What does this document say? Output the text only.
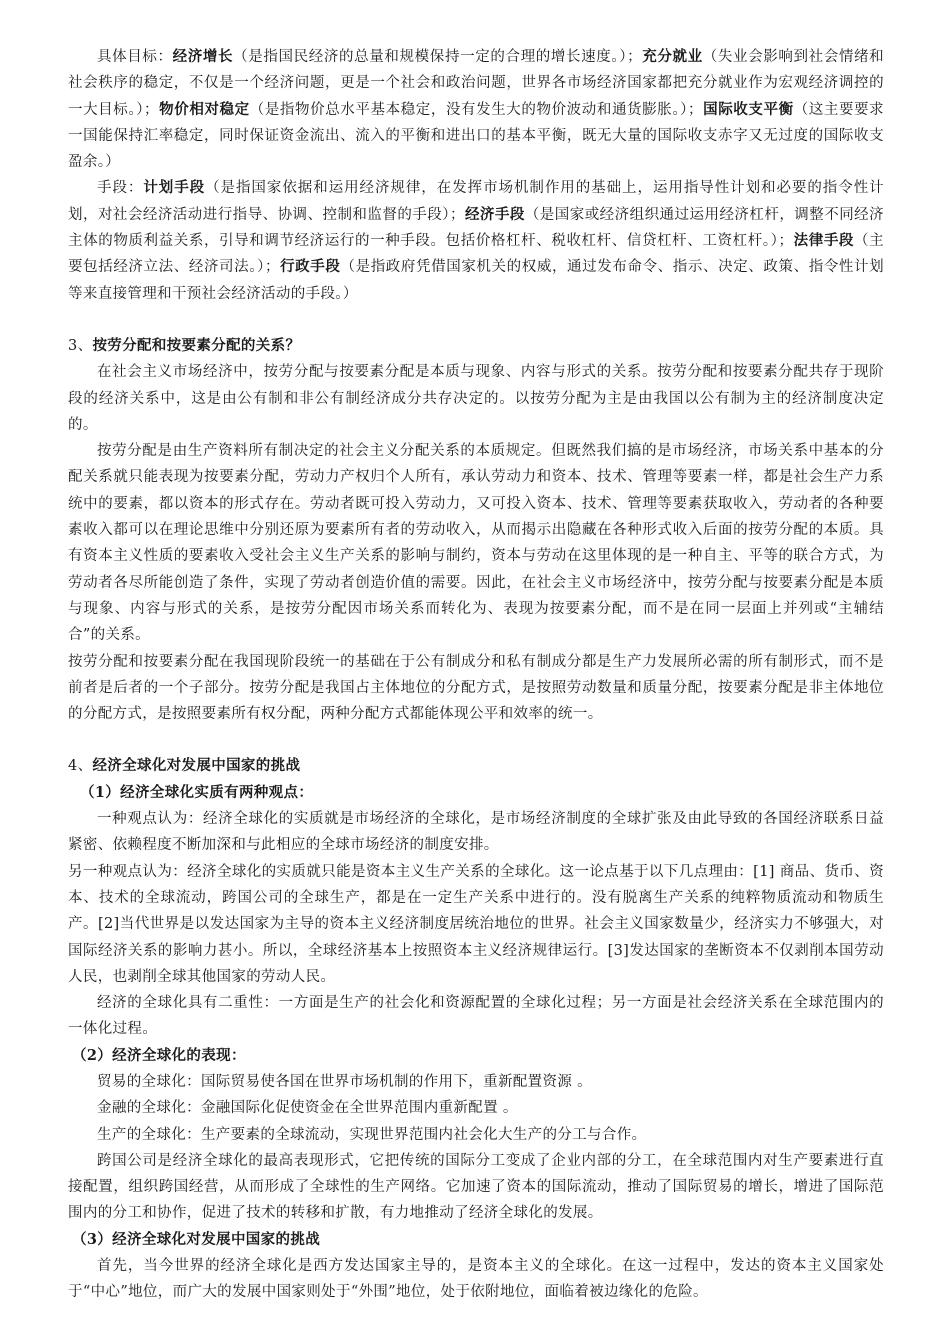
具体目标：经济增长（是指国民经济的总量和规模保持一定的合理的增长速度。）；充分就业（失业会影响到社会情绪和社会秩序的稳定，不仅是一个经济问题，更是一个社会和政治问题，世界各市场经济国家都把充分就业作为宏观经济调控的一大目标。）；物价相对稳定（是指物价总水平基本稳定，没有发生大的物价波动和通货膨胀。）；国际收支平衡（这主要要求一国能保持汇率稳定，同时保证资金流出、流入的平衡和进出口的基本平衡，既无大量的国际收支赤字又无过度的国际收支盈余。）

手段：计划手段（是指国家依据和运用经济规律，在发挥市场机制作用的基础上，运用指导性计划和必要的指令性计划，对社会经济活动进行指导、协调、控制和监督的手段）；经济手段（是国家或经济组织通过运用经济杠杆，调整不同经济主体的物质利益关系，引导和调节经济运行的一种手段。包括价格杠杆、税收杠杆、信贷杠杆、工资杠杆。）；法律手段（主要包括经济立法、经济司法。）；行政手段（是指政府凭借国家机关的权威，通过发布命令、指示、决定、政策、指令性计划等来直接管理和干预社会经济活动的手段。）

3、按劳分配和按要素分配的关系？

在社会主义市场经济中，按劳分配与按要素分配是本质与现象、内容与形式的关系。按劳分配和按要素分配共存于现阶段的经济关系中，这是由公有制和非公有制经济成分共存决定的。以按劳分配为主是由我国以公有制为主的经济制度决定的。

按劳分配是由生产资料所有制决定的社会主义分配关系的本质规定。但既然我们搞的是市场经济，市场关系中基本的分配关系就只能表现为按要素分配，劳动力产权归个人所有，承认劳动力和资本、技术、管理等要素一样，都是社会生产力系统中的要素，都以资本的形式存在。劳动者既可投入劳动力，又可投入资本、技术、管理等要素获取收入，劳动者的各种要素收入都可以在理论思维中分别还原为要素所有者的劳动收入，从而揭示出隐藏在各种形式收入后面的按劳分配的本质。具有资本主义性质的要素收入受社会主义生产关系的影响与制约，资本与劳动在这里体现的是一种自主、平等的联合方式，为劳动者各尽所能创造了条件，实现了劳动者创造价值的需要。因此，在社会主义市场经济中，按劳分配与按要素分配是本质与现象、内容与形式的关系，是按劳分配因市场关系而转化为、表现为按要素分配，而不是在同一层面上并列或“主辅结合”的关系。

按劳分配和按要素分配在我国现阶段统一的基础在于公有制成分和私有制成分都是生产力发展所必需的所有制形式，而不是前者是后者的一个子部分。按劳分配是我国占主体地位的分配方式，是按照劳动数量和质量分配，按要素分配是非主体地位的分配方式，是按照要素所有权分配，两种分配方式都能体现公平和效率的统一。

4、经济全球化对发展中国家的挑战

（1）经济全球化实质有两种观点：

一种观点认为：经济全球化的实质就是市场经济的全球化，是市场经济制度的全球扩张及由此导致的各国经济联系日益紧密、依赖程度不断加深和与此相应的全球市场经济的制度安排。

另一种观点认为：经济全球化的实质就只能是资本主义生产关系的全球化。这一论点基于以下几点理由：[1] 商品、货币、资本、技术的全球流动，跨国公司的全球生产，都是在一定生产关系中进行的。没有脱离生产关系的纯粹物质流动和物质生产。[2]当代世界是以发达国家为主导的资本主义经济制度居统治地位的世界。社会主义国家数量少，经济实力不够强大，对国际经济关系的影响力甚小。所以，全球经济基本上按照资本主义经济规律运行。[3]发达国家的垄断资本不仅剥削本国劳动人民，也剥削全球其他国家的劳动人民。

经济的全球化具有二重性：一方面是生产的社会化和资源配置的全球化过程；另一方面是社会经济关系在全球范围内的一体化过程。

（2）经济全球化的表现：

贸易的全球化：国际贸易使各国在世界市场机制的作用下，重新配置资源 。

金融的全球化：金融国际化促使资金在全世界范围内重新配置 。

生产的全球化：生产要素的全球流动，实现世界范围内社会化大生产的分工与合作。

跨国公司是经济全球化的最高表现形式，它把传统的国际分工变成了企业内部的分工，在全球范围内对生产要素进行直接配置，组织跨国经营，从而形成了全球性的生产网络。它加速了资本的国际流动，推动了国际贸易的增长，增进了国际范围内的分工和协作，促进了技术的转移和扩散，有力地推动了经济全球化的发展。

（3）经济全球化对发展中国家的挑战

首先，当今世界的经济全球化是西方发达国家主导的，是资本主义的全球化。在这一过程中，发达的资本主义国家处于“中心”地位，而广大的发展中国家则处于“外围”地位，处于依附地位，面临着被边缘化的危险。
